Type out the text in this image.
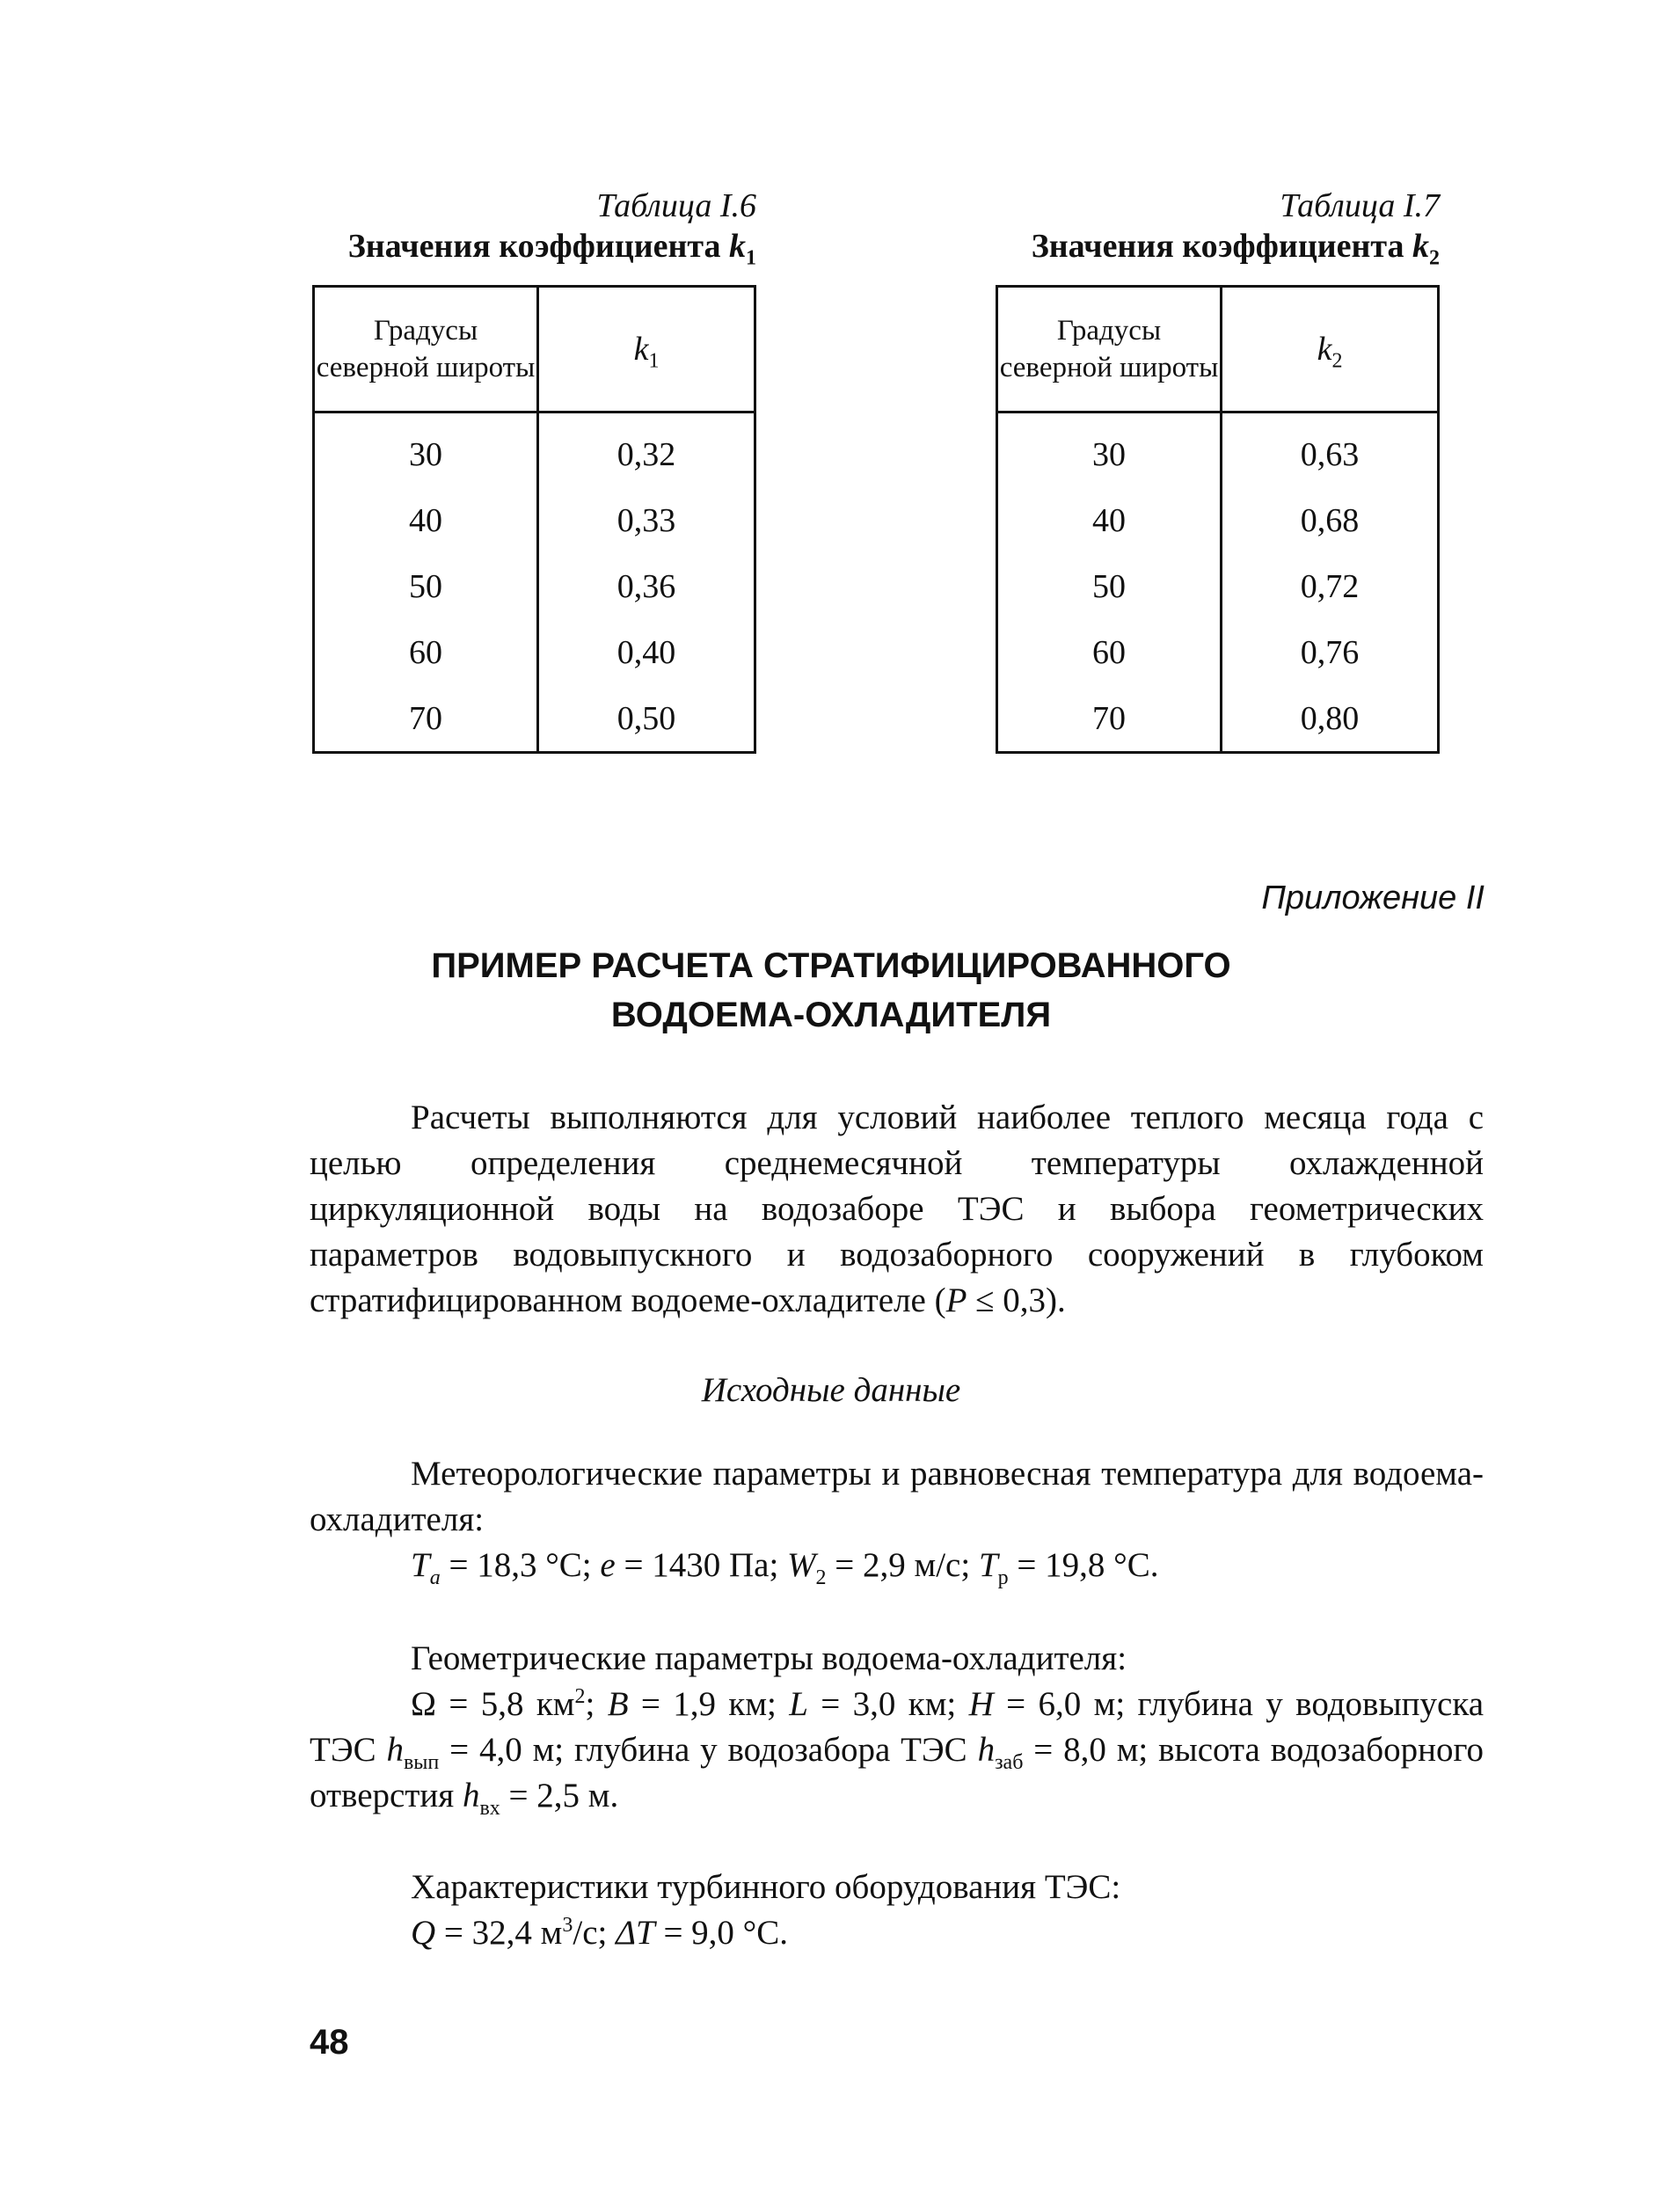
Таблица I.6
Значения коэффициента $k_1$
Градусы северной широты	$k_1$
30	0,32
40	0,33
50	0,36
60	0,40
70	0,50
Таблица I.7
Значения коэффициента $k_2$
Градусы северной широты	$k_2$
30	0,63
40	0,68
50	0,72
60	0,76
70	0,80
Приложение II
ПРИМЕР РАСЧЕТА СТРАТИФИЦИРОВАННОГО
ВОДОЕМА-ОХЛАДИТЕЛЯ

Расчеты выполняются для условий наиболее теплого месяца года с целью определения среднемесячной температуры охлажденной циркуляционной воды на водозаборе ТЭС и выбора геометрических параметров водовыпускного и водозаборного сооружений в глубоком стратифицированном водоеме-охладителе (P ≤ 0,3).

Исходные данные

Метеорологические параметры и равновесная температура для водоема-охладителя:

$T_a = 18,3$ °C; e = 1430 Па; $W_2 = 2,9$ м/с; $T_р = 19,8$ °C.

Геометрические параметры водоема-охладителя:

Ω = 5,8 $км^2$; B = 1,9 км; L = 3,0 км; H = 6,0 м; глубина у водовыпуска ТЭС $h_{вып} = 4,0$ м; глубина у водозабора ТЭС $h_{заб} = 8,0$ м; высота водозаборного отверстия $h_{вх} = 2,5$ м.

Характеристики турбинного оборудования ТЭС:

Q = 32,4 $м^3/с$; ΔT = 9,0 °C.

48
